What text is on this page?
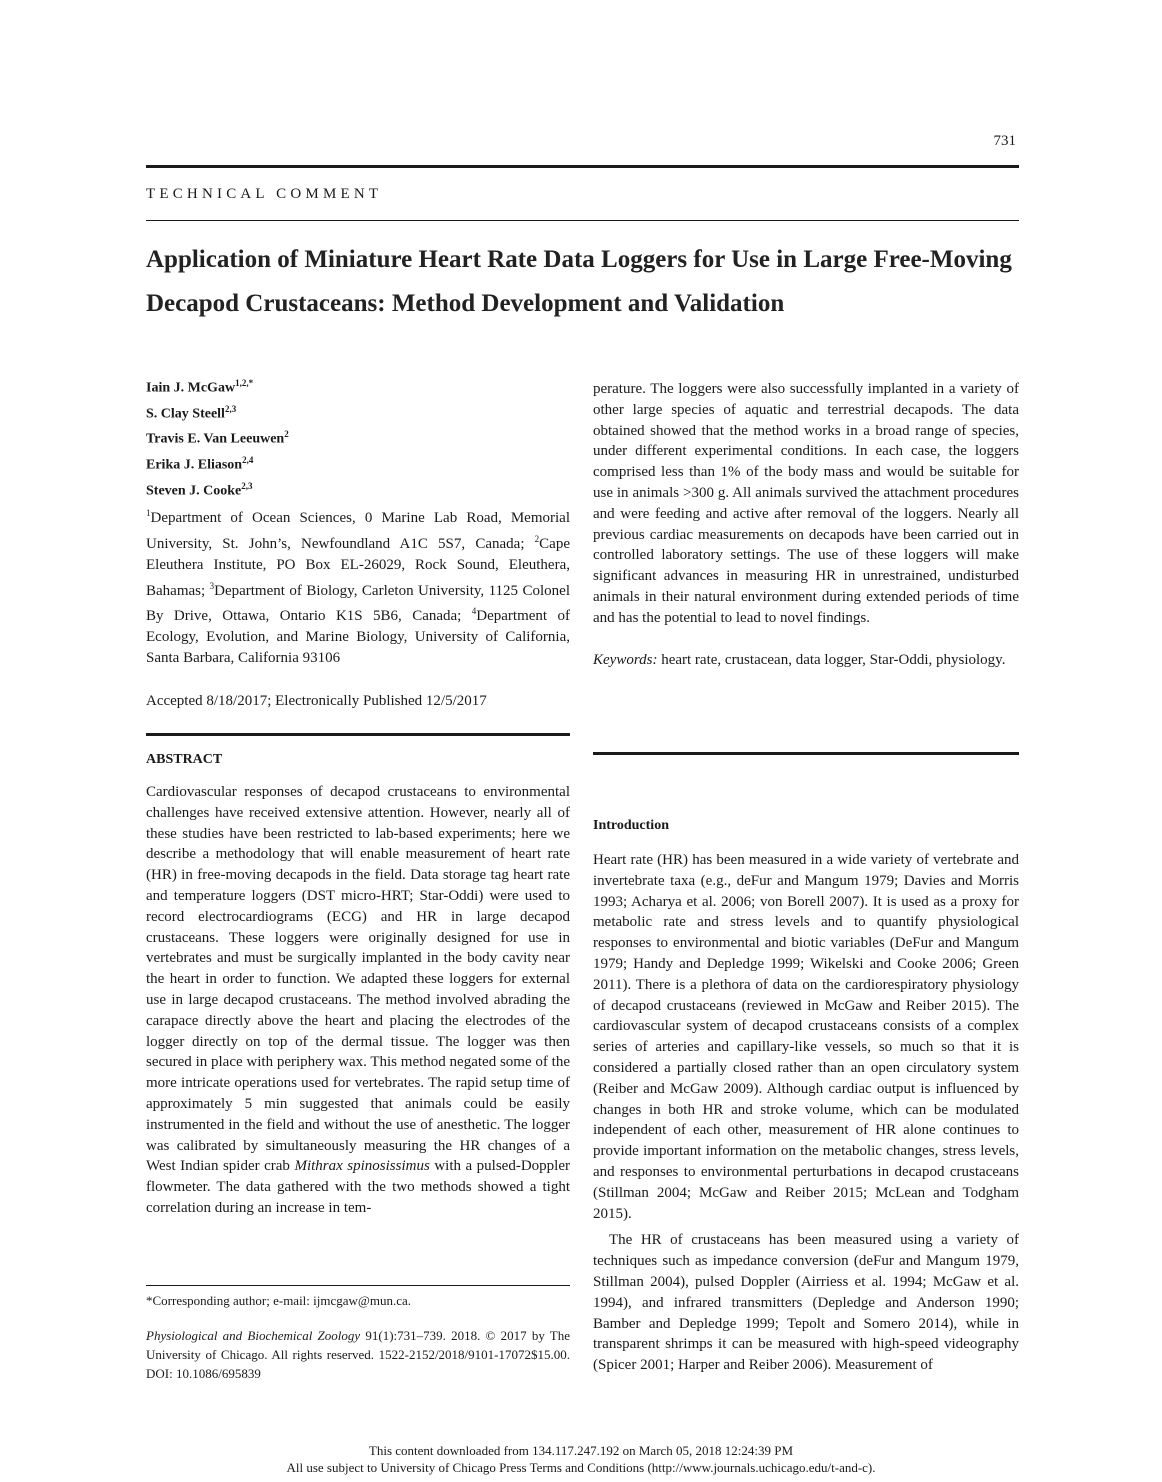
731
TECHNICAL COMMENT
Application of Miniature Heart Rate Data Loggers for Use in Large Free-Moving Decapod Crustaceans: Method Development and Validation
Iain J. McGaw$^{1,2,*}$
S. Clay Steell$^{2,3}$
Travis E. Van Leeuwen$^2$
Erika J. Eliason$^{2,4}$
Steven J. Cooke$^{2,3}$

$^1$Department of Ocean Sciences, 0 Marine Lab Road, Memorial University, St. John’s, Newfoundland A1C 5S7, Canada; $^2$Cape Eleuthera Institute, PO Box EL-26029, Rock Sound, Eleuthera, Bahamas; $^3$Department of Biology, Carleton University, 1125 Colonel By Drive, Ottawa, Ontario K1S 5B6, Canada; $^4$Department of Ecology, Evolution, and Marine Biology, University of California, Santa Barbara, California 93106

Accepted 8/18/2017; Electronically Published 12/5/2017

ABSTRACT

Cardiovascular responses of decapod crustaceans to environmental challenges have received extensive attention. However, nearly all of these studies have been restricted to lab-based experiments; here we describe a methodology that will enable measurement of heart rate (HR) in free-moving decapods in the field. Data storage tag heart rate and temperature loggers (DST micro-HRT; Star-Oddi) were used to record electrocardiograms (ECG) and HR in large decapod crustaceans. These loggers were originally designed for use in vertebrates and must be surgically implanted in the body cavity near the heart in order to function. We adapted these loggers for external use in large decapod crustaceans. The method involved abrading the carapace directly above the heart and placing the electrodes of the logger directly on top of the dermal tissue. The logger was then secured in place with periphery wax. This method negated some of the more intricate operations used for vertebrates. The rapid setup time of approximately 5 min suggested that animals could be easily instrumented in the field and without the use of anesthetic. The logger was calibrated by simultaneously measuring the HR changes of a West Indian spider crab Mithrax spinosissimus with a pulsed-Doppler flowmeter. The data gathered with the two methods showed a tight correlation during an increase in tem-

*Corresponding author; e-mail: ijmcgaw@mun.ca.
Physiological and Biochemical Zoology 91(1):731–739. 2018. © 2017 by The University of Chicago. All rights reserved. 1522-2152/2018/9101-17072$15.00. DOI: 10.1086/695839

perature. The loggers were also successfully implanted in a variety of other large species of aquatic and terrestrial decapods. The data obtained showed that the method works in a broad range of species, under different experimental conditions. In each case, the loggers comprised less than 1% of the body mass and would be suitable for use in animals >300 g. All animals survived the attachment procedures and were feeding and active after removal of the loggers. Nearly all previous cardiac measurements on decapods have been carried out in controlled laboratory settings. The use of these loggers will make significant advances in measuring HR in unrestrained, undisturbed animals in their natural environment during extended periods of time and has the potential to lead to novel findings.

Keywords: heart rate, crustacean, data logger, Star-Oddi, physiology.

Introduction

Heart rate (HR) has been measured in a wide variety of vertebrate and invertebrate taxa (e.g., deFur and Mangum 1979; Davies and Morris 1993; Acharya et al. 2006; von Borell 2007). It is used as a proxy for metabolic rate and stress levels and to quantify physiological responses to environmental and biotic variables (DeFur and Mangum 1979; Handy and Depledge 1999; Wikelski and Cooke 2006; Green 2011). There is a plethora of data on the cardiorespiratory physiology of decapod crustaceans (reviewed in McGaw and Reiber 2015). The cardiovascular system of decapod crustaceans consists of a complex series of arteries and capillary-like vessels, so much so that it is considered a partially closed rather than an open circulatory system (Reiber and McGaw 2009). Although cardiac output is influenced by changes in both HR and stroke volume, which can be modulated independent of each other, measurement of HR alone continues to provide important information on the metabolic changes, stress levels, and responses to environmental perturbations in decapod crustaceans (Stillman 2004; McGaw and Reiber 2015; McLean and Todgham 2015).

The HR of crustaceans has been measured using a variety of techniques such as impedance conversion (deFur and Mangum 1979, Stillman 2004), pulsed Doppler (Airriess et al. 1994; McGaw et al. 1994), and infrared transmitters (Depledge and Anderson 1990; Bamber and Depledge 1999; Tepolt and Somero 2014), while in transparent shrimps it can be measured with high-speed videography (Spicer 2001; Harper and Reiber 2006). Measurement of

This content downloaded from 134.117.247.192 on March 05, 2018 12:24:39 PM
All use subject to University of Chicago Press Terms and Conditions (http://www.journals.uchicago.edu/t-and-c).
